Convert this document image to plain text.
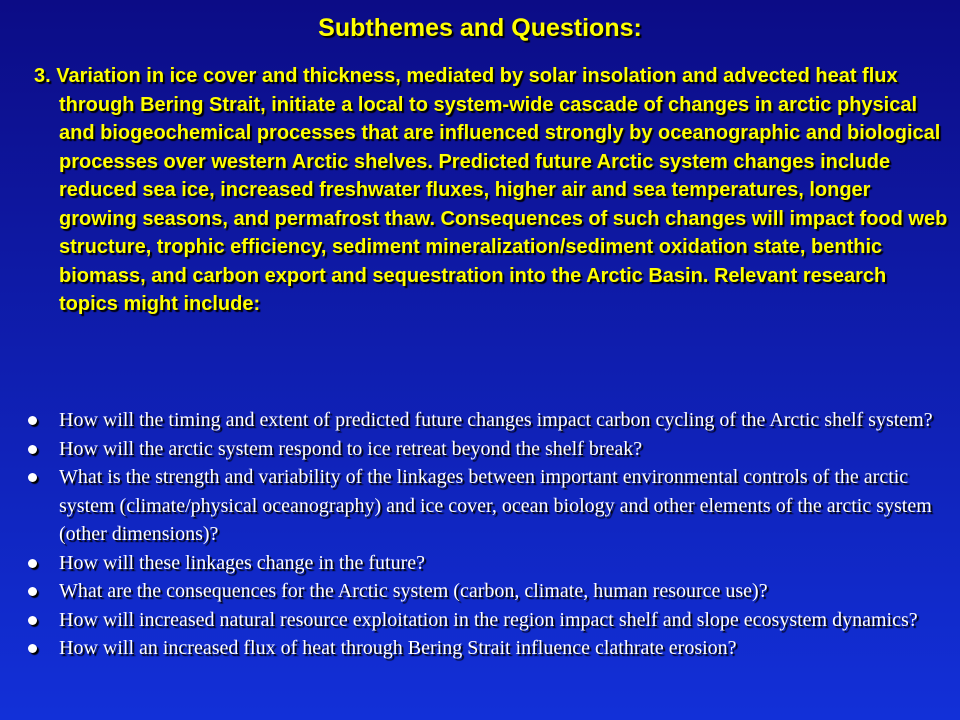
Subthemes and Questions:
3. Variation in ice cover and thickness, mediated by solar insolation and advected heat flux through Bering Strait, initiate a local to system-wide cascade of changes in arctic physical and biogeochemical processes that are influenced strongly by oceanographic and biological processes over western Arctic shelves. Predicted future Arctic system changes include reduced sea ice, increased freshwater fluxes, higher air and sea temperatures, longer growing seasons, and permafrost thaw. Consequences of such changes will impact food web structure, trophic efficiency, sediment mineralization/sediment oxidation state, benthic biomass, and carbon export and sequestration into the Arctic Basin. Relevant research topics might include:
How will the timing and extent of predicted future changes impact carbon cycling of the Arctic shelf system?
How will the arctic system respond to ice retreat beyond the shelf break?
What is the strength and variability of the linkages between important environmental controls of the arctic system (climate/physical oceanography) and ice cover, ocean biology and other elements of the arctic system (other dimensions)?
How will these linkages change in the future?
What are the consequences for the Arctic system (carbon, climate, human resource use)?
How will increased natural resource exploitation in the region impact shelf and slope ecosystem dynamics?
How will an increased flux of heat through Bering Strait influence clathrate erosion?
